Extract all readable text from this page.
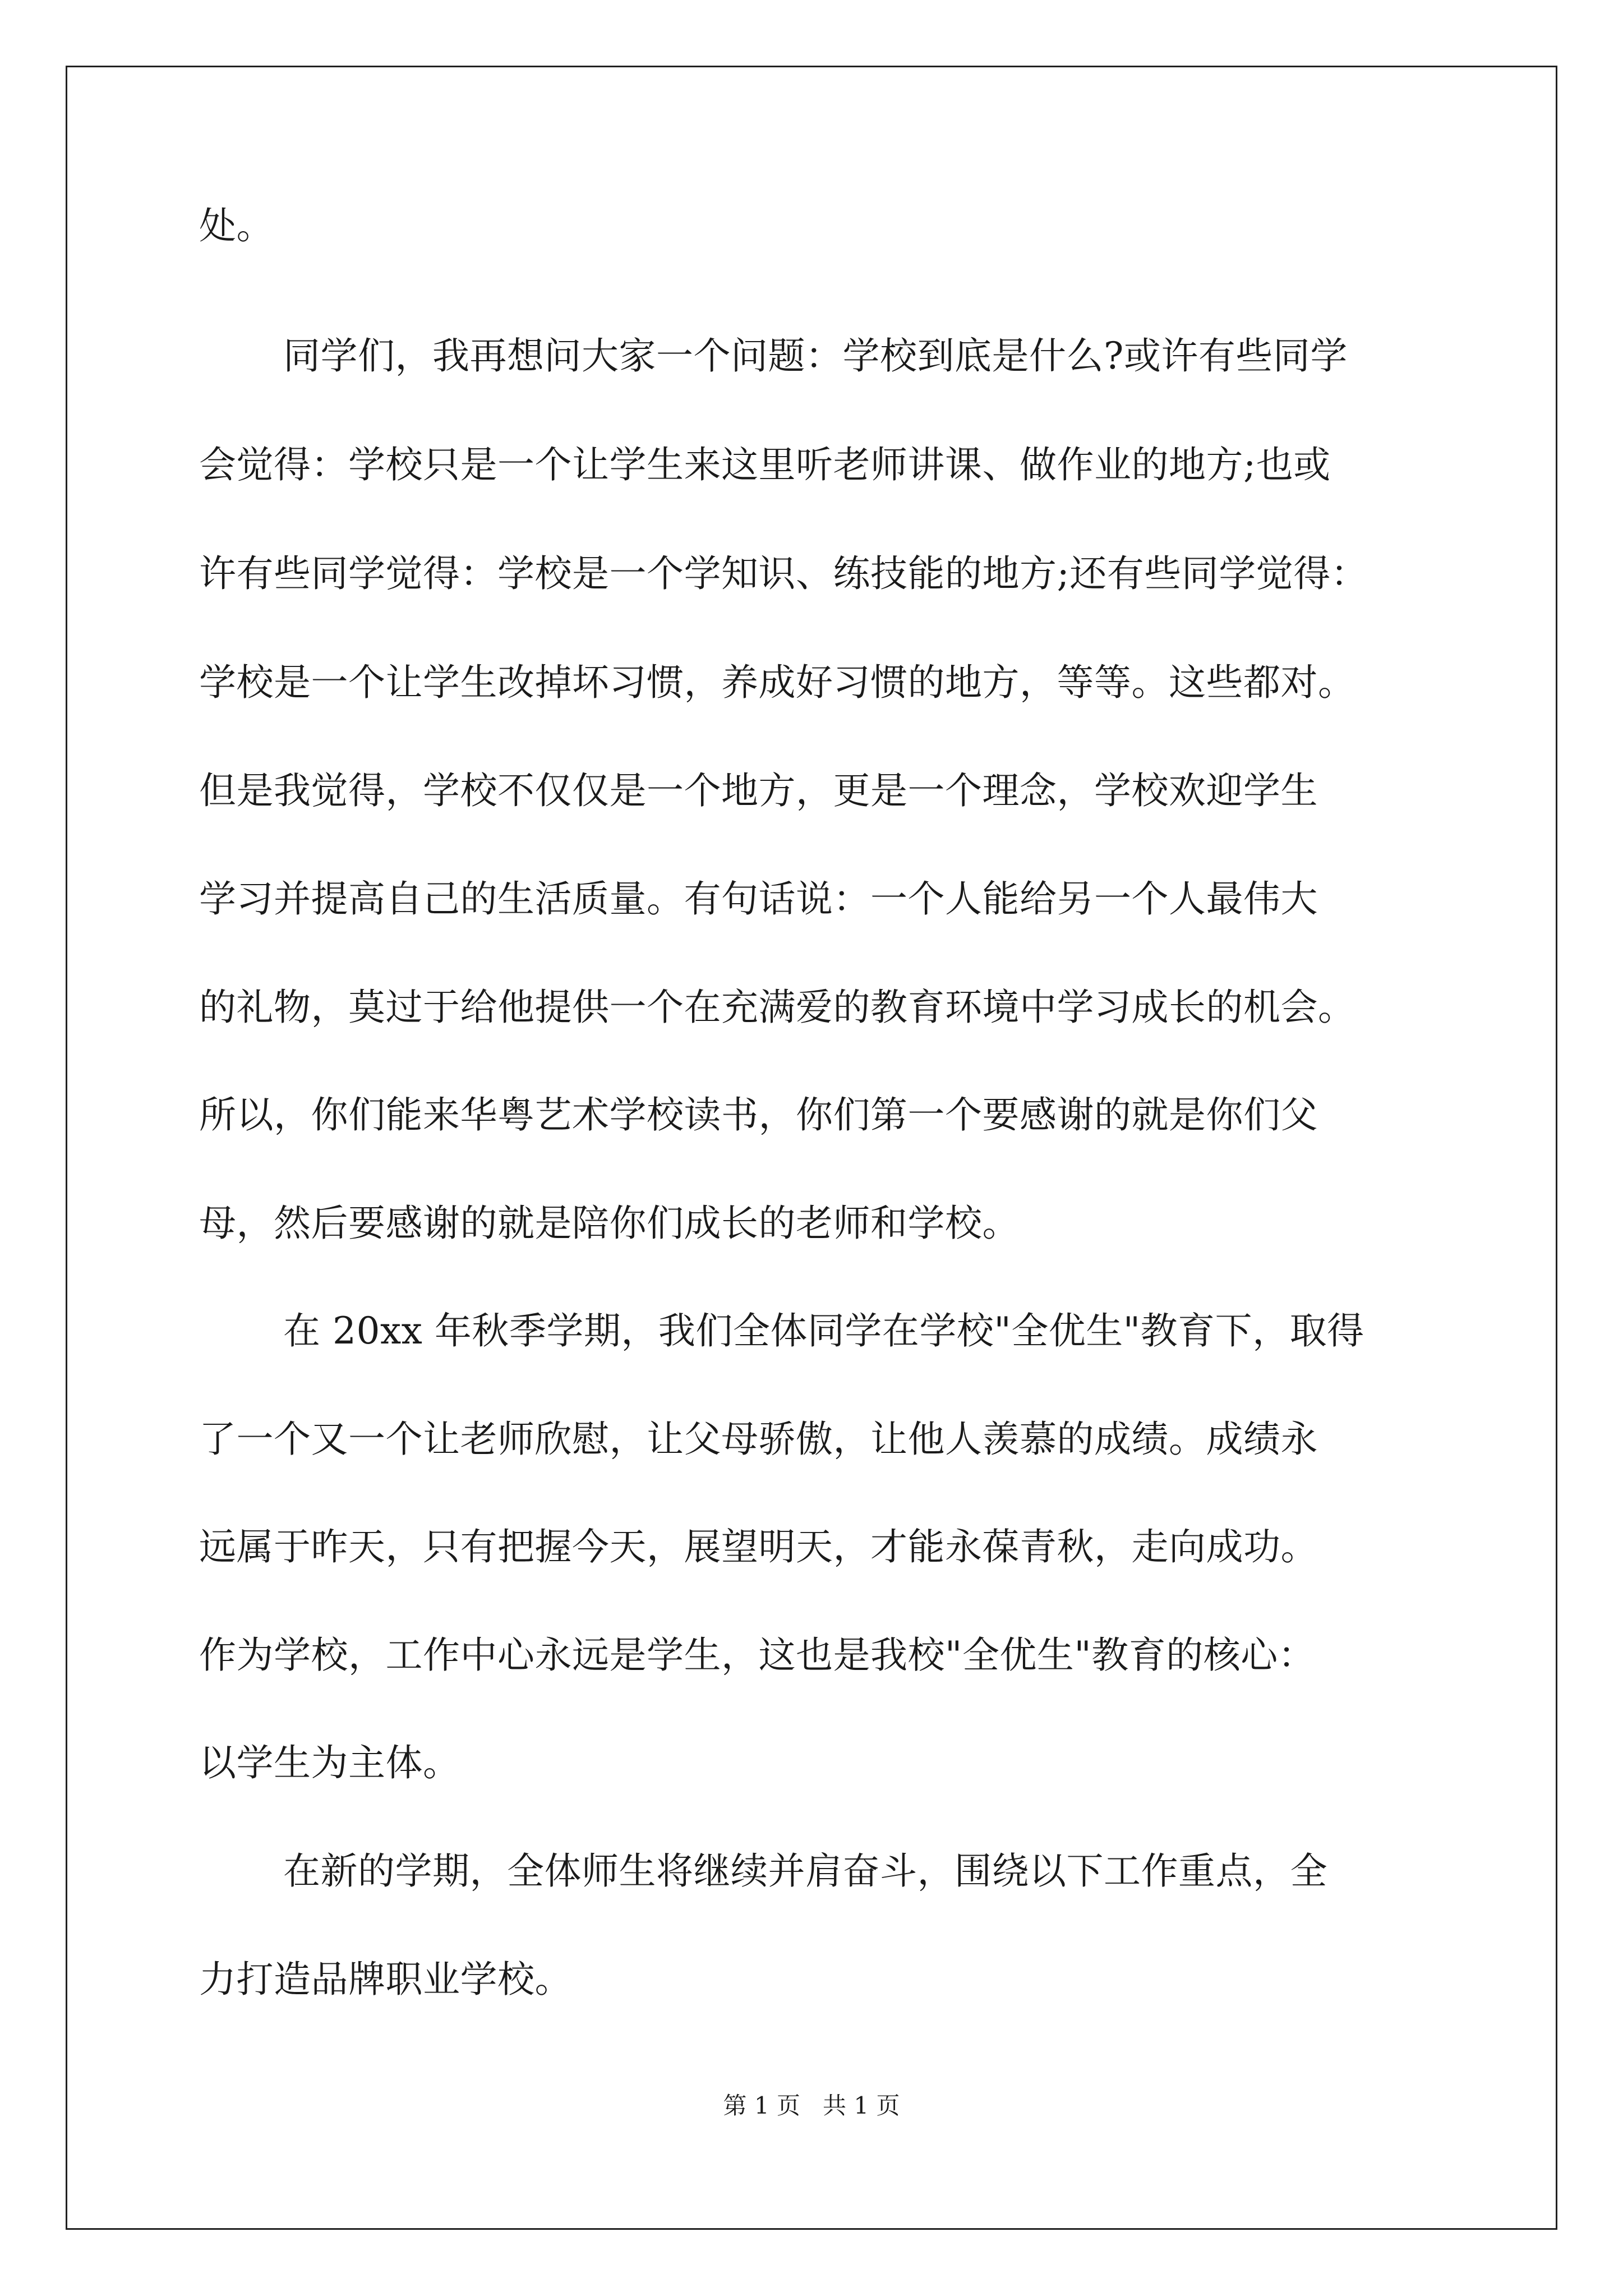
处。
同学们，我再想问大家一个问题：学校到底是什么?或许有些同学
会觉得：学校只是一个让学生来这里听老师讲课、做作业的地方;也或
许有些同学觉得：学校是一个学知识、练技能的地方;还有些同学觉得：
学校是一个让学生改掉坏习惯，养成好习惯的地方，等等。这些都对。
但是我觉得，学校不仅仅是一个地方，更是一个理念，学校欢迎学生
学习并提高自己的生活质量。有句话说：一个人能给另一个人最伟大
的礼物，莫过于给他提供一个在充满爱的教育环境中学习成长的机会。
所以，你们能来华粤艺术学校读书，你们第一个要感谢的就是你们父
母，然后要感谢的就是陪你们成长的老师和学校。
在 20xx 年秋季学期，我们全体同学在学校"全优生"教育下，取得
了一个又一个让老师欣慰，让父母骄傲，让他人羡慕的成绩。成绩永
远属于昨天，只有把握今天，展望明天，才能永葆青秋，走向成功。
作为学校，工作中心永远是学生，这也是我校"全优生"教育的核心：
以学生为主体。
在新的学期，全体师生将继续并肩奋斗，围绕以下工作重点，全
力打造品牌职业学校。
第 1 页   共 1 页
